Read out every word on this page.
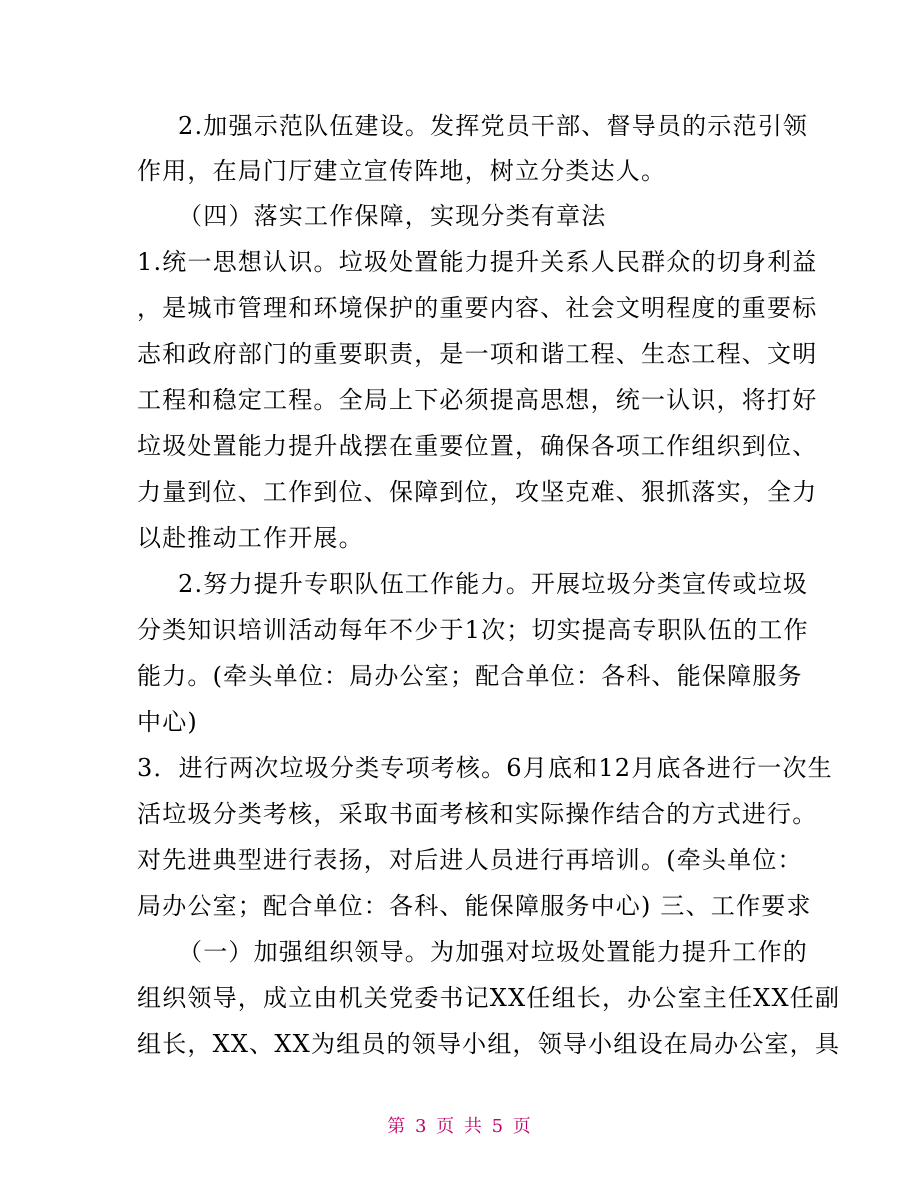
2.加强示范队伍建设。发挥党员干部、督导员的示范引领
作用，在局门厅建立宣传阵地，树立分类达人。
（四）落实工作保障，实现分类有章法
1.统一思想认识。垃圾处置能力提升关系人民群众的切身利益
，是城市管理和环境保护的重要内容、社会文明程度的重要标
志和政府部门的重要职责，是一项和谐工程、生态工程、文明
工程和稳定工程。全局上下必须提高思想，统一认识，将打好
垃圾处置能力提升战摆在重要位置，确保各项工作组织到位、
力量到位、工作到位、保障到位，攻坚克难、狠抓落实，全力
以赴推动工作开展。
2.努力提升专职队伍工作能力。开展垃圾分类宣传或垃圾
分类知识培训活动每年不少于1次；切实提高专职队伍的工作
能力。(牵头单位：局办公室；配合单位：各科、能保障服务
中心)
3．进行两次垃圾分类专项考核。6月底和12月底各进行一次生
活垃圾分类考核，采取书面考核和实际操作结合的方式进行。
对先进典型进行表扬，对后进人员进行再培训。(牵头单位：
局办公室；配合单位：各科、能保障服务中心) 三、工作要求
（一）加强组织领导。为加强对垃圾处置能力提升工作的
组织领导，成立由机关党委书记XX任组长，办公室主任XX任副
组长，XX、XX为组员的领导小组，领导小组设在局办公室，具
第 3 页 共 5 页
